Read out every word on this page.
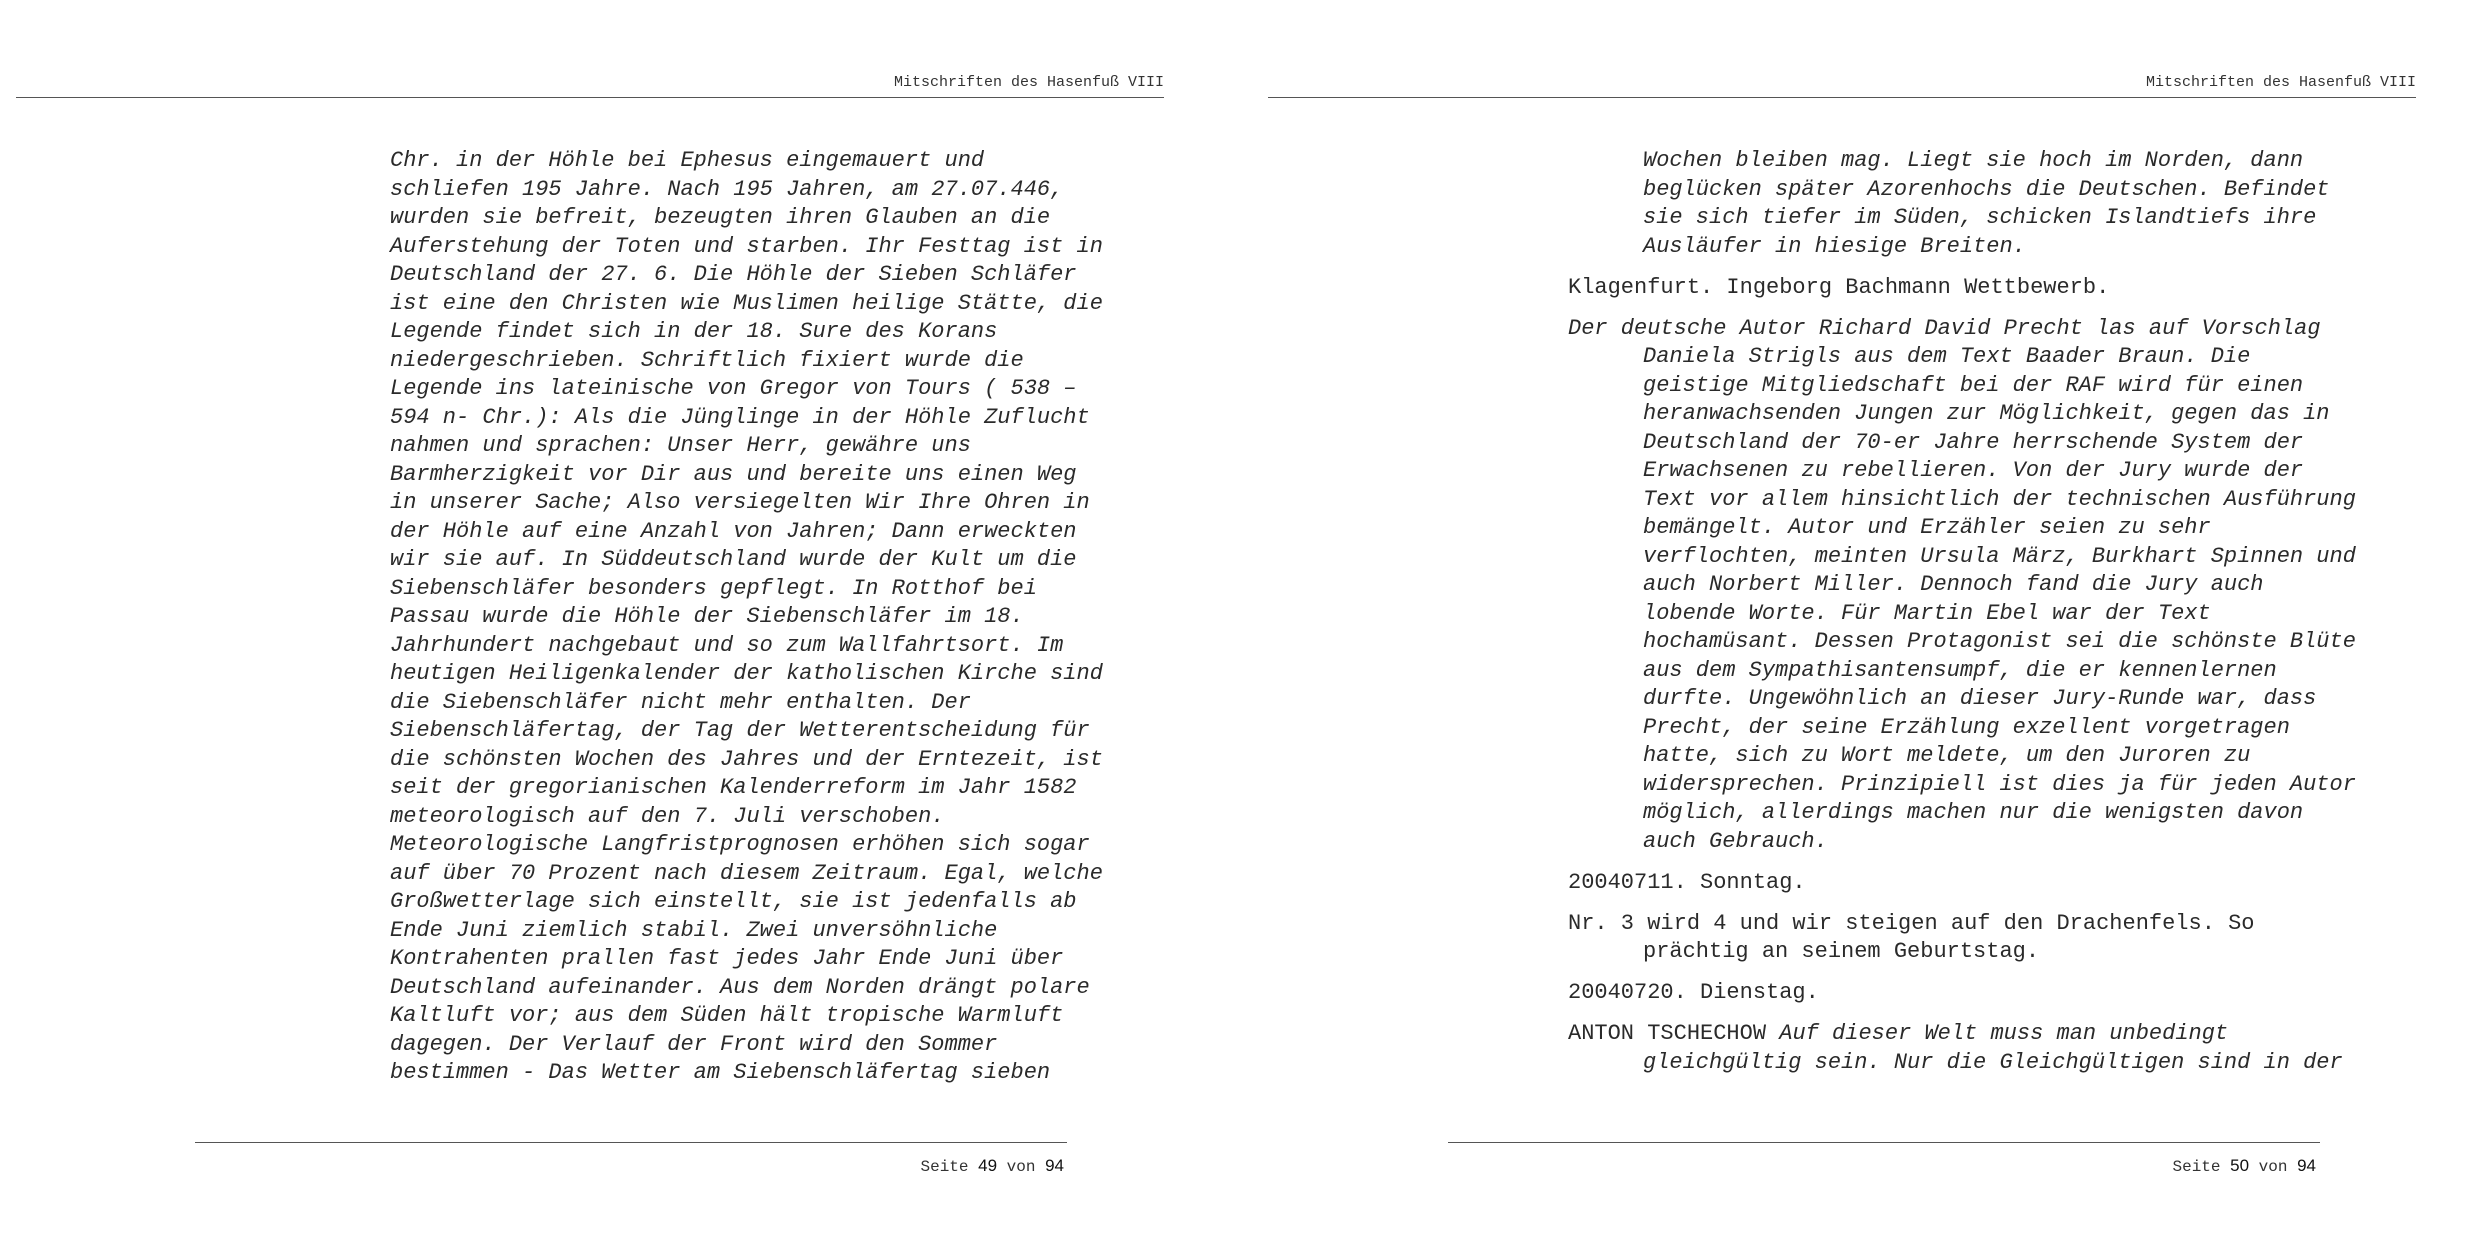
Mitschriften des Hasenfuß VIII
Chr. in der Höhle bei Ephesus eingemauert und
schliefen 195 Jahre. Nach 195 Jahren, am 27.07.446,
wurden sie befreit, bezeugten ihren Glauben an die
Auferstehung der Toten und starben. Ihr Festtag ist in
Deutschland der 27. 6. Die Höhle der Sieben Schläfer
ist eine den Christen wie Muslimen heilige Stätte, die
Legende findet sich in der 18. Sure des Korans
niedergeschrieben. Schriftlich fixiert wurde die
Legende ins lateinische von Gregor von Tours ( 538 –
594 n- Chr.): Als die Jünglinge in der Höhle Zuflucht
nahmen und sprachen: Unser Herr, gewähre uns
Barmherzigkeit vor Dir aus und bereite uns einen Weg
in unserer Sache; Also versiegelten Wir Ihre Ohren in
der Höhle auf eine Anzahl von Jahren; Dann erweckten
wir sie auf. In Süddeutschland wurde der Kult um die
Siebenschläfer besonders gepflegt. In Rotthof bei
Passau wurde die Höhle der Siebenschläfer im 18.
Jahrhundert nachgebaut und so zum Wallfahrtsort. Im
heutigen Heiligenkalender der katholischen Kirche sind
die Siebenschläfer nicht mehr enthalten. Der
Siebenschläfertag, der Tag der Wetterentscheidung für
die schönsten Wochen des Jahres und der Erntezeit, ist
seit der gregorianischen Kalenderreform im Jahr 1582
meteorologisch auf den 7. Juli verschoben.
Meteorologische Langfristprognosen erhöhen sich sogar
auf über 70 Prozent nach diesem Zeitraum. Egal, welche
Großwetterlage sich einstellt, sie ist jedenfalls ab
Ende Juni ziemlich stabil. Zwei unversöhnliche
Kontrahenten prallen fast jedes Jahr Ende Juni über
Deutschland aufeinander. Aus dem Norden drängt polare
Kaltluft vor; aus dem Süden hält tropische Warmluft
dagegen. Der Verlauf der Front wird den Sommer
bestimmen - Das Wetter am Siebenschläfertag sieben
Seite 49 von 94
Mitschriften des Hasenfuß VIII
Wochen bleiben mag. Liegt sie hoch im Norden, dann
beglücken später Azorenhochs die Deutschen. Befindet
sie sich tiefer im Süden, schicken Islandtiefs ihre
Ausläufer in hiesige Breiten.
Klagenfurt. Ingeborg Bachmann Wettbewerb.
Der deutsche Autor Richard David Precht las auf Vorschlag
Daniela Strigls aus dem Text Baader Braun. Die
geistige Mitgliedschaft bei der RAF wird für einen
heranwachsenden Jungen zur Möglichkeit, gegen das in
Deutschland der 70-er Jahre herrschende System der
Erwachsenen zu rebellieren. Von der Jury wurde der
Text vor allem hinsichtlich der technischen Ausführung
bemängelt. Autor und Erzähler seien zu sehr
verflochten, meinten Ursula März, Burkhart Spinnen und
auch Norbert Miller. Dennoch fand die Jury auch
lobende Worte. Für Martin Ebel war der Text
hochamüsant. Dessen Protagonist sei die schönste Blüte
aus dem Sympathisantensumpf, die er kennenlernen
durfte. Ungewöhnlich an dieser Jury-Runde war, dass
Precht, der seine Erzählung exzellent vorgetragen
hatte, sich zu Wort meldete, um den Juroren zu
widersprechen. Prinzipiell ist dies ja für jeden Autor
möglich, allerdings machen nur die wenigsten davon
auch Gebrauch.
20040711. Sonntag.
Nr. 3 wird 4 und wir steigen auf den Drachenfels. So
prächtig an seinem Geburtstag.
20040720. Dienstag.
ANTON TSCHECHOW Auf dieser Welt muss man unbedingt
gleichgültig sein. Nur die Gleichgültigen sind in der
Seite 50 von 94
